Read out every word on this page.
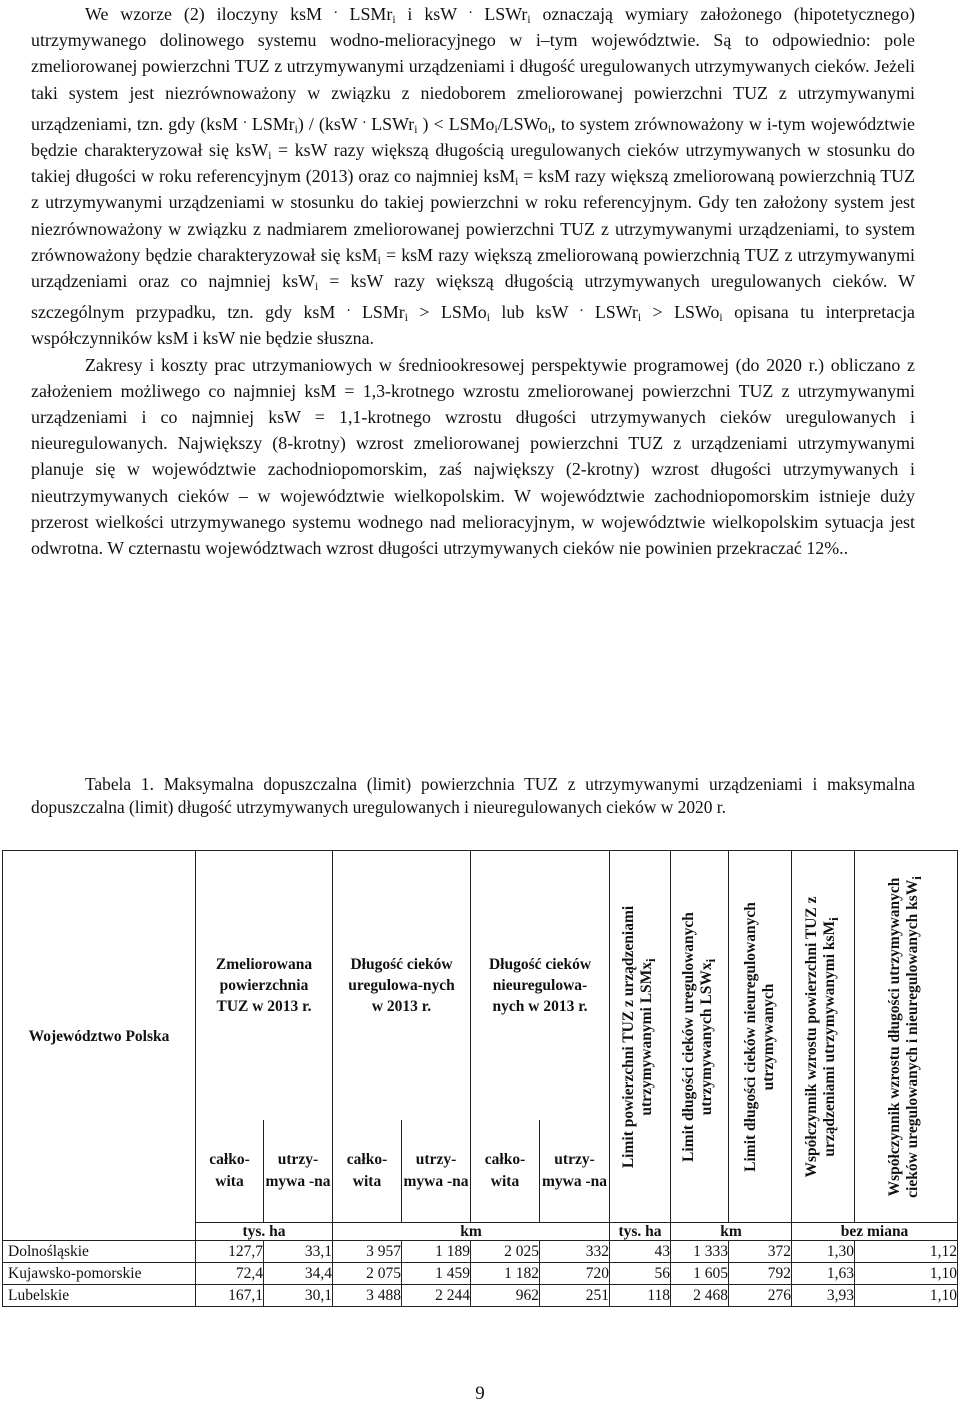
We wzorze (2) iloczyny ksM . LSMr$_i$ i ksW . LSWr$_i$ oznaczają wymiary założonego (hipotetycznego) utrzymywanego dolinowego systemu wodno-melioracyjnego w i–tym województwie. Są to odpowiednio: pole zmeliorowanej powierzchni TUZ z utrzymywanymi urządzeniami i długość uregulowanych utrzymywanych cieków. Jeżeli taki system jest niezrównoważony w związku z niedoborem zmeliorowanej powierzchni TUZ z utrzymywanymi urządzeniami, tzn. gdy (ksM . LSMr$_i$) / (ksW . LSWr$_i$ ) < LSMo$_i$/LSWo$_i$, to system zrównoważony w i-tym województwie będzie charakteryzował się ksW$_i$ = ksW razy większą długością uregulowanych cieków utrzymywanych w stosunku do takiej długości w roku referencyjnym (2013) oraz co najmniej ksM$_i$ = ksM razy większą zmeliorowaną powierzchnią TUZ z utrzymywanymi urządzeniami w stosunku do takiej powierzchni w roku referencyjnym. Gdy ten założony system jest niezrównoważony w związku z nadmiarem zmeliorowanej powierzchni TUZ z utrzymywanymi urządzeniami, to system zrównoważony będzie charakteryzował się ksM$_i$ = ksM razy większą zmeliorowaną powierzchnią TUZ z utrzymywanymi urządzeniami oraz co najmniej ksW$_i$ = ksW razy większą długością utrzymywanych uregulowanych cieków. W szczególnym przypadku, tzn. gdy ksM . LSMr$_i$ > LSMo$_i$ lub ksW . LSWr$_i$ > LSWo$_i$ opisana tu interpretacja współczynników ksM i ksW nie będzie słuszna.

Zakresy i koszty prac utrzymaniowych w średniookresowej perspektywie programowej (do 2020 r.) obliczano z założeniem możliwego co najmniej ksM = 1,3-krotnego wzrostu zmeliorowanej powierzchni TUZ z utrzymywanymi urządzeniami i co najmniej ksW = 1,1-krotnego wzrostu długości utrzymywanych cieków uregulowanych i nieuregulowanych. Największy (8-krotny) wzrost zmeliorowanej powierzchni TUZ z urządzeniami utrzymywanymi planuje się w województwie zachodniopomorskim, zaś największy (2-krotny) wzrost długości utrzymywanych i nieutrzymywanych cieków – w województwie wielkopolskim. W województwie zachodniopomorskim istnieje duży przerost wielkości utrzymywanego systemu wodnego nad melioracyjnym, w województwie wielkopolskim sytuacja jest odwrotna. W czternastu województwach wzrost długości utrzymywanych cieków nie powinien przekraczać 12%..

Tabela 1. Maksymalna dopuszczalna (limit) powierzchnia TUZ z utrzymywanymi urządzeniami i maksymalna dopuszczalna (limit) długość utrzymywanych uregulowanych i nieuregulowanych cieków w 2020 r.
Województwo Polska	Zmeliorowana powierzchnia TUZ w 2013 r.		Długość cieków uregulowa-nych w 2013 r.		Długość cieków nieuregulowa-nych w 2013 r.		Limit powierzchni TUZ z urządzeniami utrzymywanymi LSMx$_i$	Limit długości cieków uregulowanych utrzymywanych LSWx$_i$	Limit długości cieków nieuregulowanych utrzymywanych	Współczynnik wzrostu powierzchni TUZ z urządzeniami utrzymywanymi ksM$_i$	Współczynnik wzrostu długości utrzymywanych cieków uregulowanych i nieuregulowanych ksW$_i$

	całko-wita	utrzy-mywa -na	całko-wita	utrzy-mywa -na	całko-wita	utrzy-mywa -na					
	tys. ha		km				tys. ha	km		bez miana	
Dolnośląskie	127,7	33,1	3 957	1 189	2 025	332	43	1 333	372	1,30	1,12
Kujawsko-pomorskie	72,4	34,4	2 075	1 459	1 182	720	56	1 605	792	1,63	1,10
Lubelskie	167,1	30,1	3 488	2 244	962	251	118	2 468	276	3,93	1,10
9
